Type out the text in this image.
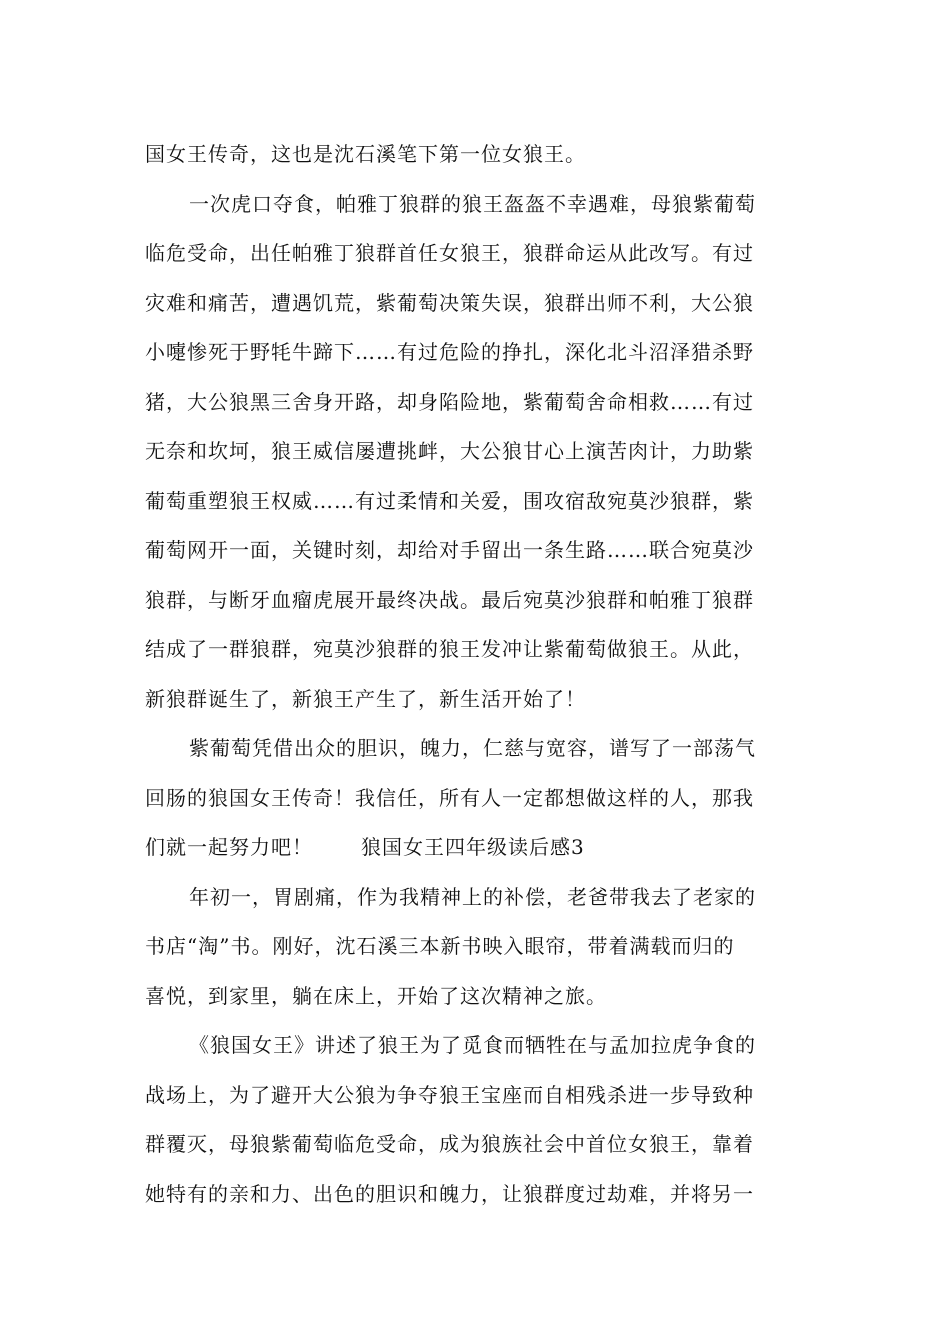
国女王传奇，这也是沈石溪笔下第一位女狼王。
一次虎口夺食，帕雅丁狼群的狼王盔盔不幸遇难，母狼紫葡萄
临危受命，出任帕雅丁狼群首任女狼王，狼群命运从此改写。有过
灾难和痛苦，遭遇饥荒，紫葡萄决策失误，狼群出师不利，大公狼
小嚏惨死于野牦牛蹄下……有过危险的挣扎，深化北斗沼泽猎杀野
猪，大公狼黑三舍身开路，却身陷险地，紫葡萄舍命相救……有过
无奈和坎坷，狼王威信屡遭挑衅，大公狼甘心上演苦肉计，力助紫
葡萄重塑狼王权威……有过柔情和关爱，围攻宿敌宛莫沙狼群，紫
葡萄网开一面，关键时刻，却给对手留出一条生路……联合宛莫沙
狼群，与断牙血瘤虎展开最终决战。最后宛莫沙狼群和帕雅丁狼群
结成了一群狼群，宛莫沙狼群的狼王发冲让紫葡萄做狼王。从此，
新狼群诞生了，新狼王产生了，新生活开始了！
紫葡萄凭借出众的胆识，魄力，仁慈与宽容，谱写了一部荡气
回肠的狼国女王传奇！我信任，所有人一定都想做这样的人，那我
们就一起努力吧！ 狼国女王四年级读后感3
年初一，胃剧痛，作为我精神上的补偿，老爸带我去了老家的
书店“淘”书。刚好，沈石溪三本新书映入眼帘，带着满载而归的
喜悦，到家里，躺在床上，开始了这次精神之旅。
《狼国女王》讲述了狼王为了觅食而牺牲在与孟加拉虎争食的
战场上，为了避开大公狼为争夺狼王宝座而自相残杀进一步导致种
群覆灭，母狼紫葡萄临危受命，成为狼族社会中首位女狼王，靠着
她特有的亲和力、出色的胆识和魄力，让狼群度过劫难，并将另一
